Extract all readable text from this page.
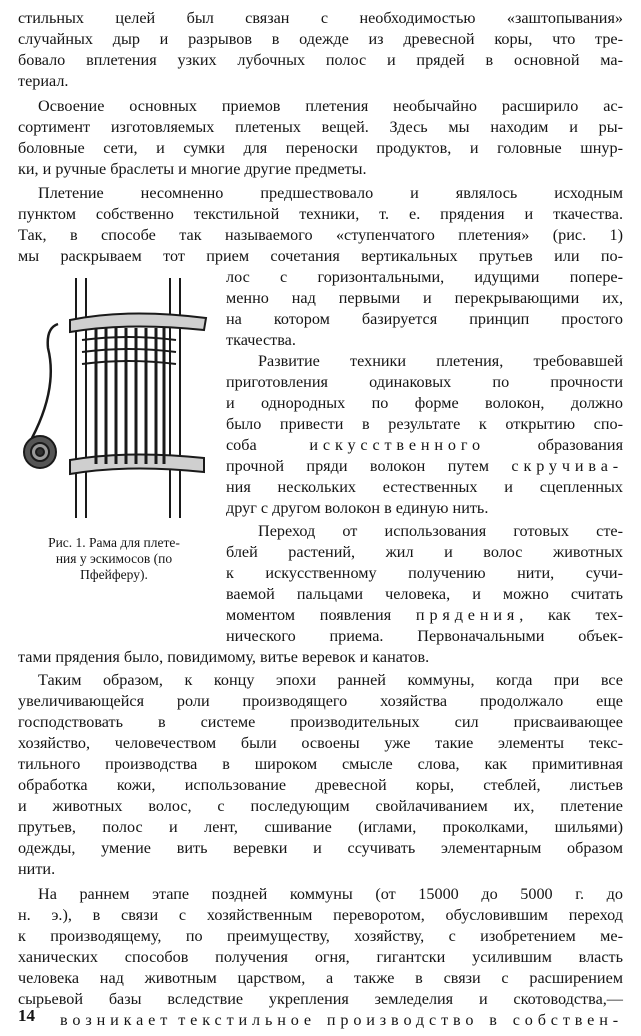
стильных целей был связан с необходимостью «заштопывания»
случайных дыр и разрывов в одежде из древесной коры, что тре-
бовало вплетения узких лубочных полос и прядей в основной ма-
териал.
Освоение основных приемов плетения необычайно расширило ас-
сортимент изготовляемых плетеных вещей. Здесь мы находим и ры-
боловные сети, и сумки для переноски продуктов, и головные шнур-
ки, и ручные браслеты и многие другие предметы.
Плетение несомненно предшествовало и являлось исходным
пунктом собственно текстильной техники, т. е. прядения и ткачества.
Так, в способе так называемого «ступенчатого плетения» (рис. 1)
мы раскрываем тот прием сочетания вертикальных прутьев или по-
лос с горизонтальными, идущими попере-
менно над первыми и перекрывающими их,
на котором базируется принцип простого
ткачества.
Развитие техники плетения, требовавшей
приготовления одинаковых по прочности
и однородных по форме волокон, должно
было привести в результате к открытию спо-
соба	искусственного	образования
прочной пряди волокон путем скручива-
ния нескольких естественных и сцепленных
друг с другом волокон в единую нить.
Переход от использования готовых сте-
блей растений, жил и волос животных
к искусственному получению нити, сучи-
ваемой пальцами человека, и можно считать
моментом появления прядения, как тех-
нического приема. Первоначальными объек-
тами прядения было, повидимому, витье веревок и канатов.
Таким образом, к концу эпохи ранней коммуны, когда при все
увеличивающейся роли производящего хозяйства продолжало еще
господствовать в системе производительных сил присваивающее
хозяйство, человечеством были освоены уже такие элементы текс-
тильного производства в широком смысле слова, как примитивная
обработка кожи, использование древесной коры, стеблей, листьев
и животных волос, с последующим свойлачиванием их, плетение
прутьев, полос и лент, сшивание (иглами, проколками, шильями)
одежды, умение вить веревки и ссучивать элементарным образом
нити.
На раннем этапе поздней коммуны (от 15000 до 5000 г. до
н. э.), в связи с хозяйственным переворотом, обусловившим переход
к производящему, по преимуществу, хозяйству, с изобретением ме-
ханических способов получения огня, гигантски усилившим власть
человека над животным царством, а также в связи с расширением
сырьевой базы вследствие укрепления земледелия и скотоводства,—
возникает текстильное производство в собствен-
Рис. 1. Рама для плете-
ния у эскимосов (по
Пфейферу).
14
